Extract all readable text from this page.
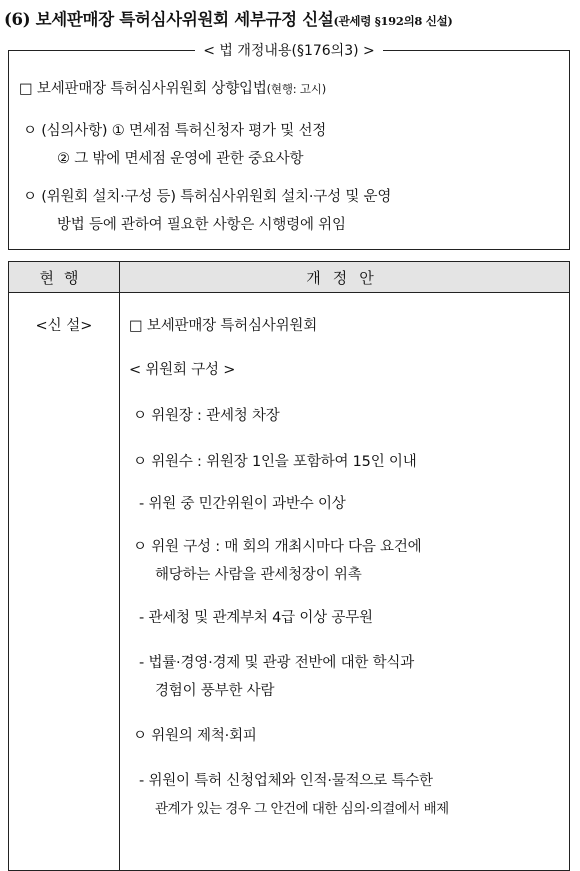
(6) 보세판매장 특허심사위원회 세부규정 신설(관세령 §192의8 신설)
< 법 개정내용(§176의3) >
□ 보세판매장 특허심사위원회 상향입법(현행: 고시)
ㅇ (심의사항) ① 면세점 특허신청자 평가 및 선정
② 그 밖에 면세점 운영에 관한 중요사항
ㅇ (위원회 설치·구성 등) 특허심사위원회 설치·구성 및 운영
방법 등에 관하여 필요한 사항은 시행령에 위임
현행	개정안
<신 설>	□ 보세판매장 특허심사위원회
< 위원회 구성 >
ㅇ 위원장 : 관세청 차장
ㅇ 위원수 : 위원장 1인을 포함하여 15인 이내
- 위원 중 민간위원이 과반수 이상
ㅇ 위원 구성 : 매 회의 개최시마다 다음 요건에
해당하는 사람을 관세청장이 위촉
- 관세청 및 관계부처 4급 이상 공무원
- 법률·경영·경제 및 관광 전반에 대한 학식과
경험이 풍부한 사람
ㅇ 위원의 제척·회피
- 위원이 특허 신청업체와 인적·물적으로 특수한
관계가 있는 경우 그 안건에 대한 심의·의결에서 배제
